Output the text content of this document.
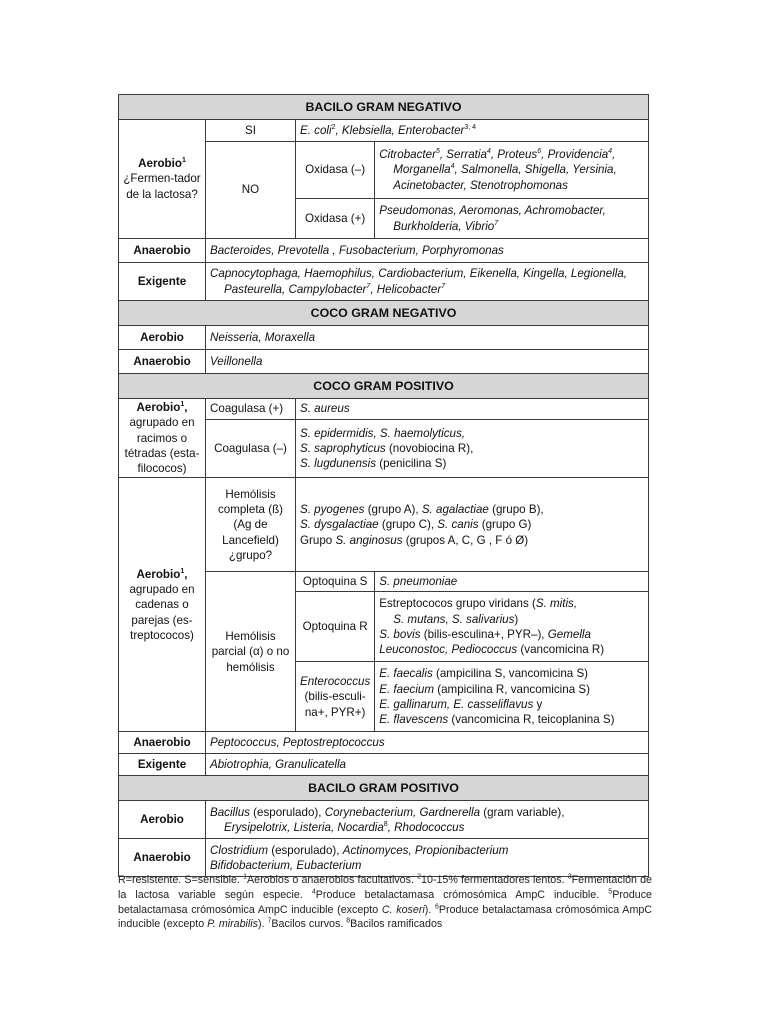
BACILO GRAM NEGATIVO			
Aerobio$^1$
¿Fermen-tador de la lactosa?	SI	E. coli$^2$, Klebsiella, Enterobacter$^{3, 4}$
	NO	Oxidasa (–)	Citrobacter$^5$, Serratia$^4$, Proteus$^6$, Providencia$^4$,
Morganella$^4$, Salmonella, Shigella, Yersinia,
Acinetobacter, Stenotrophomonas

		Oxidasa (+)	Pseudomonas, Aeromonas, Achromobacter,
Burkholderia, Vibrio$^7$

Anaerobio	Bacteroides, Prevotella , Fusobacterium, Porphyromonas		
Exigente	Capnocytophaga, Haemophilus, Cardiobacterium, Eikenella, Kingella, Legionella,
Pasteurella, Campylobacter$^7$, Helicobacter$^7$

COCO GRAM NEGATIVO			
Aerobio	Neisseria, Moraxella		
Anaerobio	Veillonella		
COCO GRAM POSITIVO			
Aerobio$^1$,
agrupado en racimos o tétradas (esta-filococos)	Coagulasa (+)	S. aureus	
	Coagulasa (–)	S. epidermidis, S. haemolyticus,
S. saprophyticus (novobiocina R),
S. lugdunensis (penicilina S)	
Aerobio$^1$,
agrupado en cadenas o parejas (es-treptococos)	Hemólisis completa (ß) (Ag de Lancefield) ¿grupo?	S. pyogenes (grupo A), S. agalactiae (grupo B),
S. dysgalactiae (grupo C), S. canis (grupo G)
Grupo S. anginosus (grupos A, C, G , F ó Ø)	
	Hemólisis parcial (α) o no hemólisis	Optoquina S	S. pneumoniae
		Optoquina R	Estreptococos grupo viridans (S. mitis,
S. mutans, S. salivarius)
S. bovis (bilis-esculina+, PYR–), Gemella
Leuconostoc, Pediococcus (vancomicina R)
		Enterococcus
(bilis-esculi-na+, PYR+)	E. faecalis (ampicilina S, vancomicina S)
E. faecium (ampicilina R, vancomicina S)
E. gallinarum, E. casseliflavus y
E. flavescens (vancomicina R, teicoplanina S)
Anaerobio	Peptococcus, Peptostreptococcus		
Exigente	Abiotrophia, Granulicatella		
BACILO GRAM POSITIVO			
Aerobio	Bacillus (esporulado), Corynebacterium, Gardnerella (gram variable),
Erysipelotrix, Listeria, Nocardia$^8$, Rhodococcus		

Anaerobio	Clostridium (esporulado), Actinomyces, Propionibacterium
Bifidobacterium, Eubacterium		
R=resistente. S=sensible. $^1$Aerobios o anaerobios facultativos. $^2$10-15% fermentadores lentos. $^3$Fermentación de la lactosa variable según especie. $^4$Produce betalactamasa crómosómica AmpC inducible. $^5$Produce betalactamasa crómosómica AmpC inducible (excepto C. koseri). $^6$Produce betalactamasa crómosómica AmpC inducible (excepto P. mirabilis). $^7$Bacilos curvos. $^8$Bacilos ramificados
